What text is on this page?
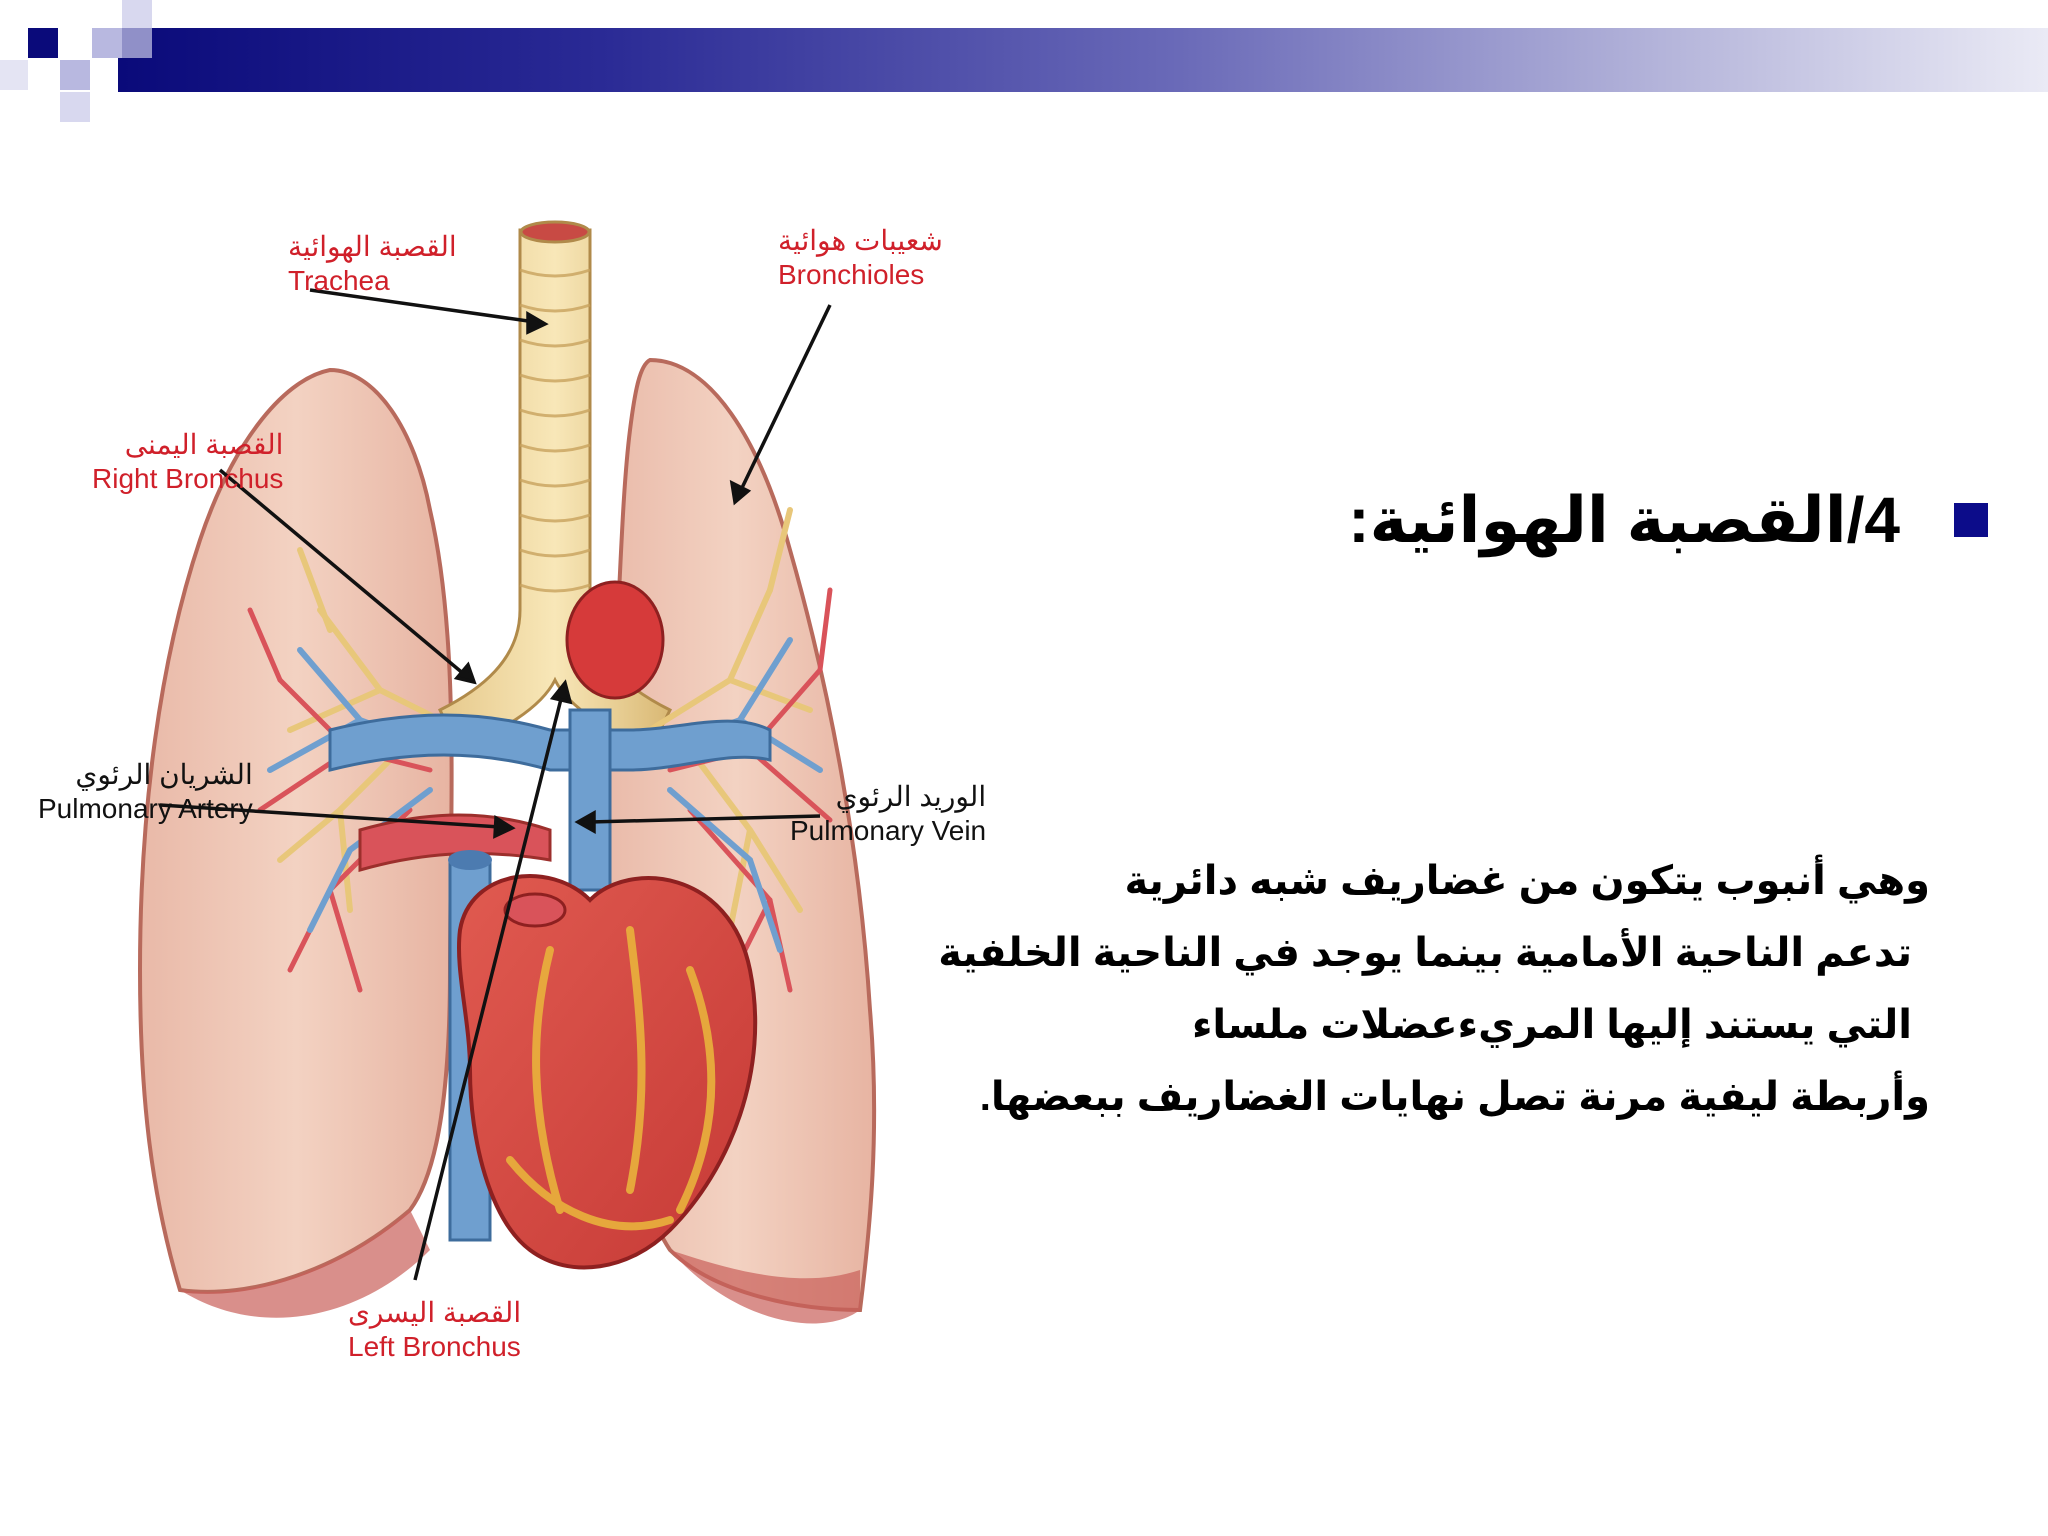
4/القصبة الهوائية:

وهي أنبوب يتكون من غضاريف شبه دائرية

تدعم الناحية الأمامية بينما يوجد في الناحية الخلفية

التي يستند إليها المريءعضلات ملساء

وأربطة ليفية مرنة تصل نهايات الغضاريف ببعضها.

القصبة الهوائية
Trachea
شعيبات هوائية
Bronchioles
القصبة اليمنى
Right Bronchus
الشريان الرئوي
Pulmonary Artery	الوريد الرئوي
Pulmonary Vein
القصبة اليسرى
Left Bronchus
